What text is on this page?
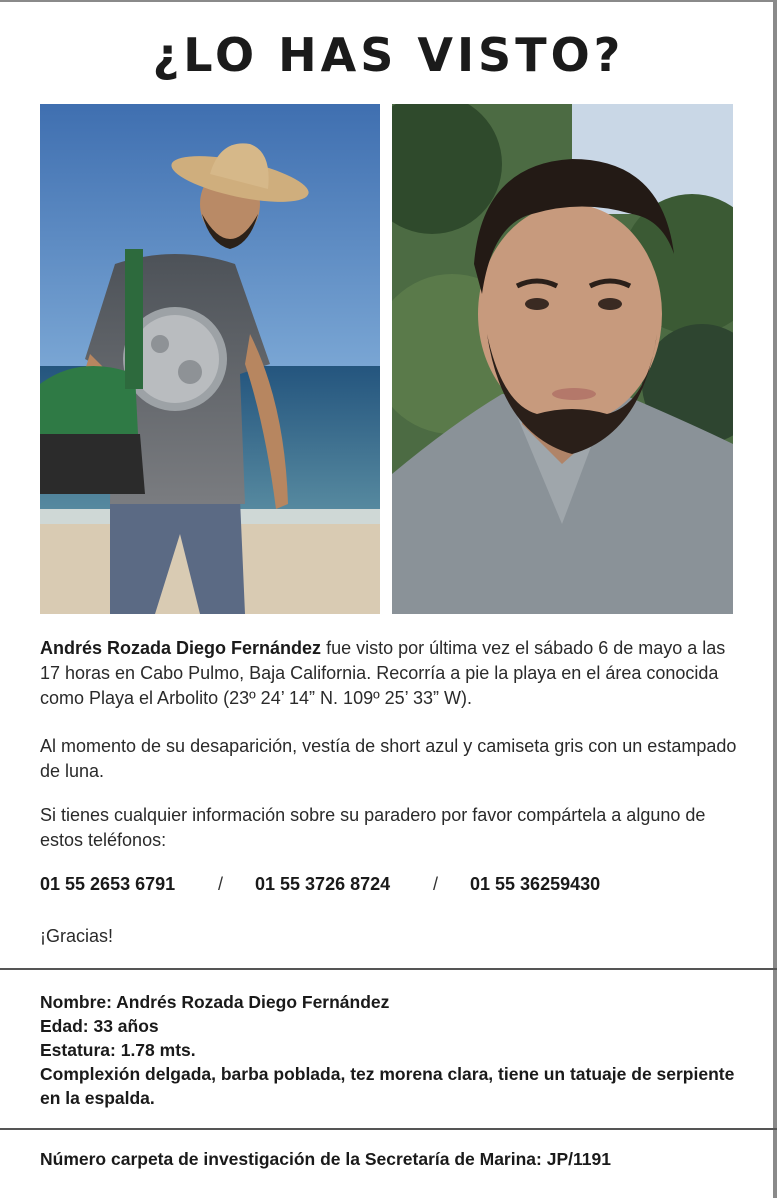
¿LO HAS VISTO?

Andrés Rozada Diego Fernández fue visto por última vez el sábado 6 de mayo a las 17 horas en Cabo Pulmo, Baja California. Recorría a pie la playa en el área conocida como Playa el Arbolito (23º 24’ 14” N. 109º 25’ 33” W).

Al momento de su desaparición, vestía de short azul y camiseta gris con un estampado de luna.

Si tienes cualquier información sobre su paradero por favor compártela a alguno de estos teléfonos:

01 55 2653 6791 / 01 55 3726 8724 / 01 55 36259430

¡Gracias!

Nombre: Andrés Rozada Diego Fernández
Edad: 33 años
Estatura: 1.78 mts.
Complexión delgada, barba poblada, tez morena clara, tiene un tatuaje de serpiente en la espalda.
Número carpeta de investigación de la Secretaría de Marina: JP/1191
